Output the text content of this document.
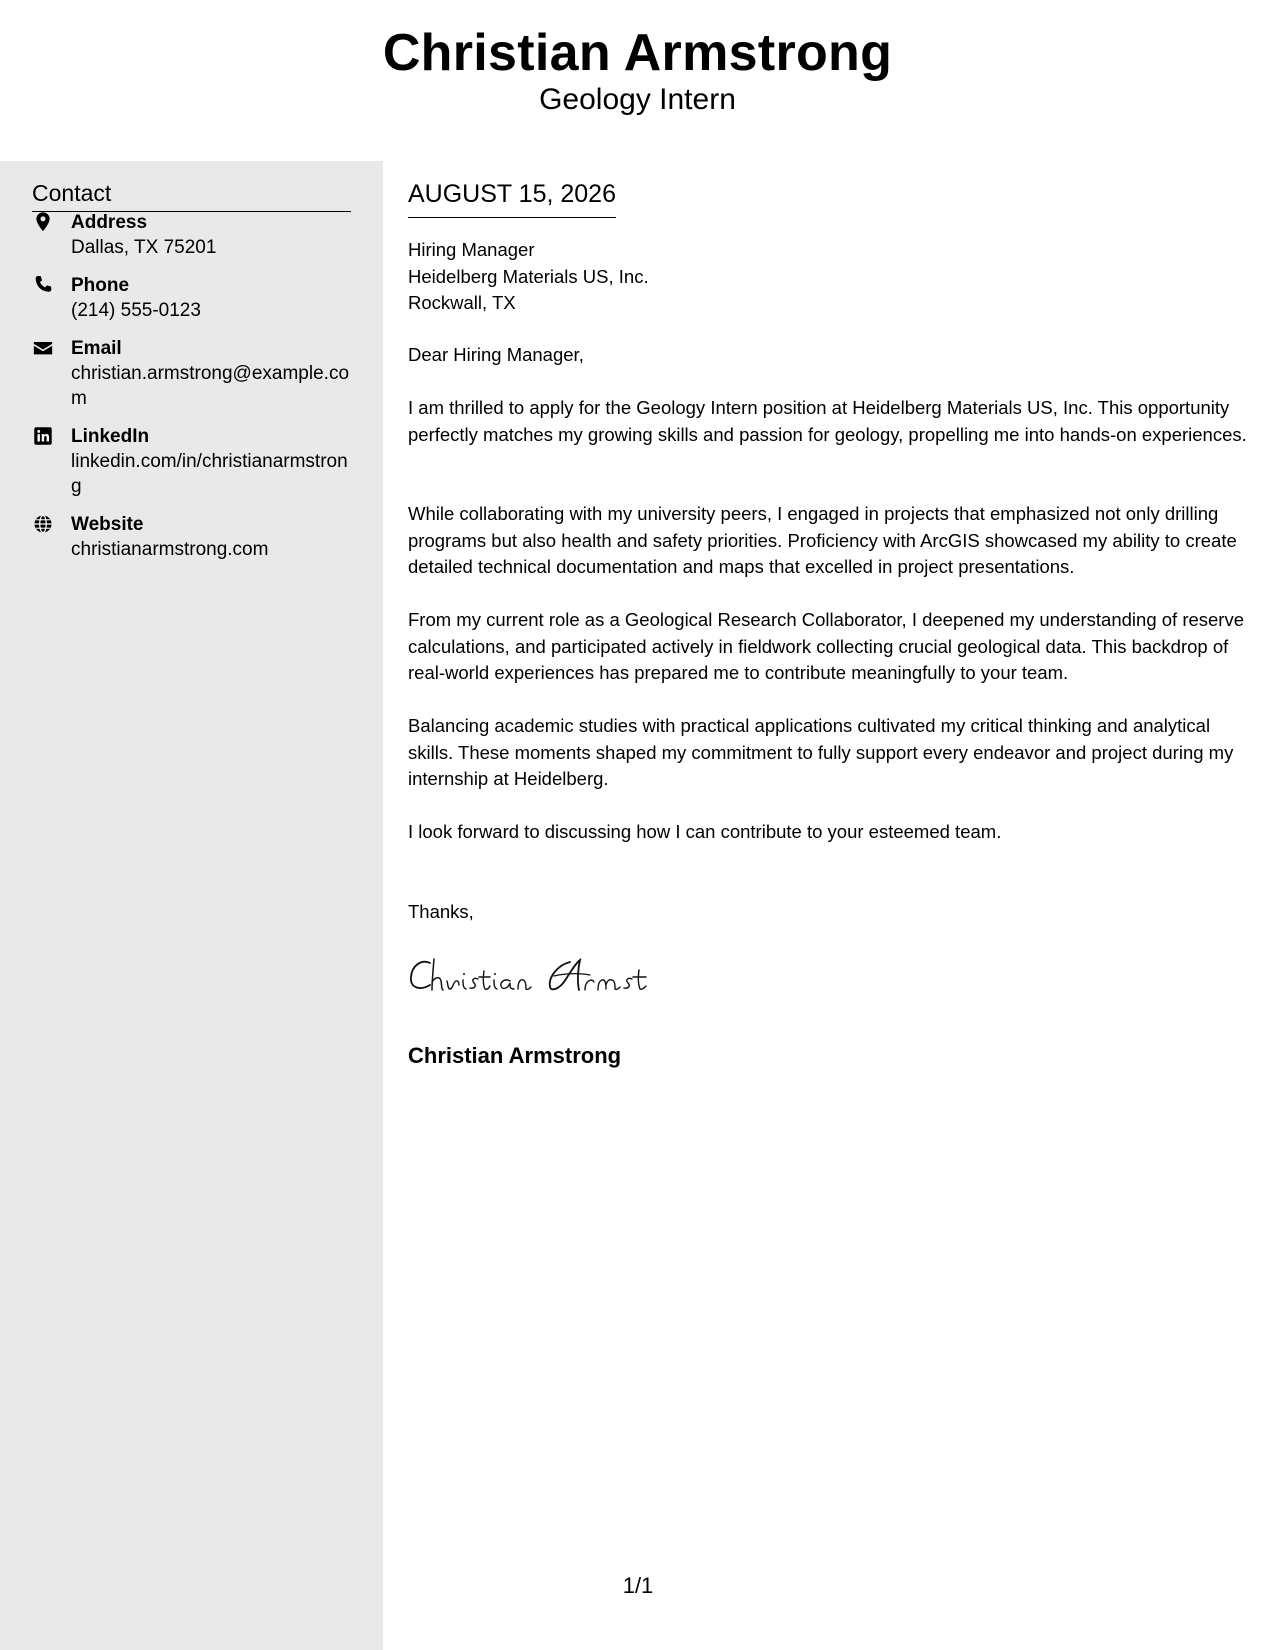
Christian Armstrong
Geology Intern
Contact
Address
Dallas, TX 75201
Phone
(214) 555-0123
Email
christian.armstrong@example.com
LinkedIn
linkedin.com/in/christianarmstrong
Website
christianarmstrong.com
AUGUST 15, 2026
Hiring Manager
Heidelberg Materials US, Inc.
Rockwall, TX
Dear Hiring Manager,
I am thrilled to apply for the Geology Intern position at Heidelberg Materials US, Inc. This opportunity perfectly matches my growing skills and passion for geology, propelling me into hands-on experiences.
While collaborating with my university peers, I engaged in projects that emphasized not only drilling programs but also health and safety priorities. Proficiency with ArcGIS showcased my ability to create detailed technical documentation and maps that excelled in project presentations.
From my current role as a Geological Research Collaborator, I deepened my understanding of reserve calculations, and participated actively in fieldwork collecting crucial geological data. This backdrop of real-world experiences has prepared me to contribute meaningfully to your team.
Balancing academic studies with practical applications cultivated my critical thinking and analytical skills. These moments shaped my commitment to fully support every endeavor and project during my internship at Heidelberg.
I look forward to discussing how I can contribute to your esteemed team.
Thanks,
Christian Armstrong
1/1
